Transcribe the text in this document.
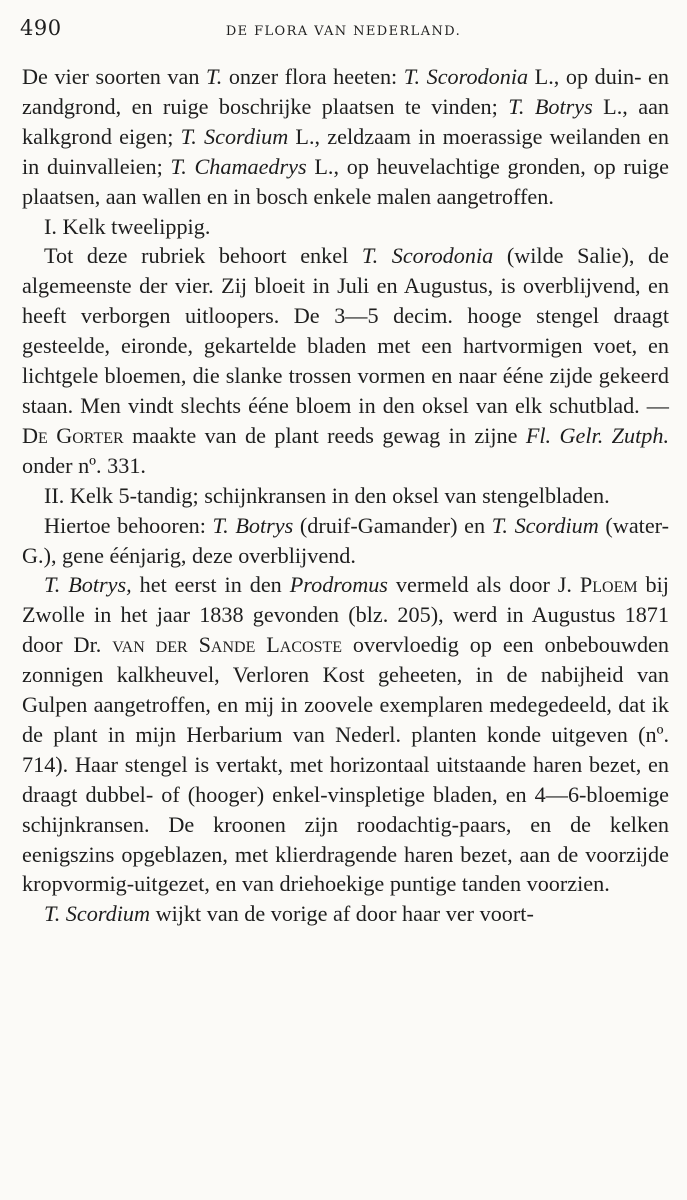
490	DE FLORA VAN NEDERLAND.

De vier soorten van T. onzer flora heeten: T. Scorodonia L., op duin- en zandgrond, en ruige boschrijke plaatsen te vinden; T. Botrys L., aan kalkgrond eigen; T. Scordium L., zeldzaam in moerassige weilanden en in duinvalleien; T. Chamaedrys L., op heuvelachtige gronden, op ruige plaatsen, aan wallen en in bosch enkele malen aangetroffen.

I. Kelk tweelippig.

Tot deze rubriek behoort enkel T. Scorodonia (wilde Salie), de algemeenste der vier. Zij bloeit in Juli en Augustus, is overblijvend, en heeft verborgen uitloopers. De 3—5 decim. hooge stengel draagt gesteelde, eironde, gekartelde bladen met een hartvormigen voet, en lichtgele bloemen, die slanke trossen vormen en naar ééne zijde gekeerd staan. Men vindt slechts ééne bloem in den oksel van elk schutblad. — De Gorter maakte van de plant reeds gewag in zijne Fl. Gelr. Zutph. onder nº. 331.

II. Kelk 5-tandig; schijnkransen in den oksel van stengelbladen.

Hiertoe behooren: T. Botrys (druif-Gamander) en T. Scordium (water-G.), gene éénjarig, deze overblijvend.

T. Botrys, het eerst in den Prodromus vermeld als door J. Ploem bij Zwolle in het jaar 1838 gevonden (blz. 205), werd in Augustus 1871 door Dr. van der Sande Lacoste overvloedig op een onbebouwden zonnigen kalkheuvel, Verloren Kost geheeten, in de nabijheid van Gulpen aangetroffen, en mij in zoovele exemplaren medegedeeld, dat ik de plant in mijn Herbarium van Nederl. planten konde uitgeven (nº. 714). Haar stengel is vertakt, met horizontaal uitstaande haren bezet, en draagt dubbel- of (hooger) enkel-vinspletige bladen, en 4—6-bloemige schijnkransen. De kroonen zijn roodachtig-paars, en de kelken eenigszins opgeblazen, met klierdragende haren bezet, aan de voorzijde kropvormig-uitgezet, en van driehoekige puntige tanden voorzien.

T. Scordium wijkt van de vorige af door haar ver voort-
